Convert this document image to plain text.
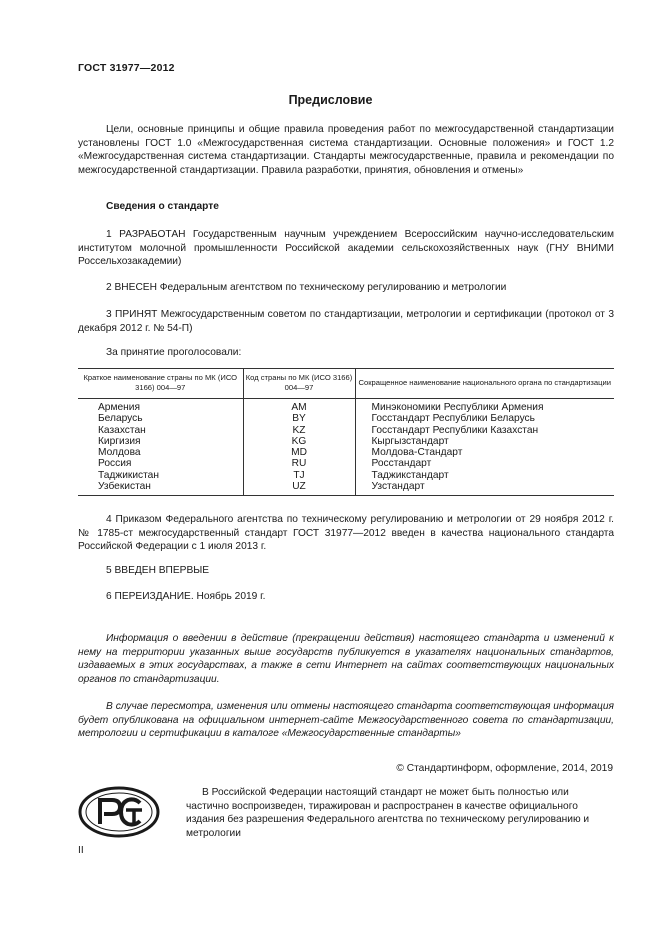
ГОСТ 31977—2012
Предисловие
Цели, основные принципы и общие правила проведения работ по межгосударственной стандартизации установлены ГОСТ 1.0 «Межгосударственная система стандартизации. Основные положения» и ГОСТ 1.2 «Межгосударственная система стандартизации. Стандарты межгосударственные, правила и рекомендации по межгосударственной стандартизации. Правила разработки, принятия, обновления и отмены»
Сведения о стандарте
1 РАЗРАБОТАН Государственным научным учреждением Всероссийским научно-исследовательским институтом молочной промышленности Российской академии сельскохозяйственных наук (ГНУ ВНИМИ Россельхозакадемии)
2 ВНЕСЕН Федеральным агентством по техническому регулированию и метрологии
3 ПРИНЯТ Межгосударственным советом по стандартизации, метрологии и сертификации (протокол от 3 декабря 2012 г. № 54-П)
За принятие проголосовали:
Краткое наименование страны по МК (ИСО 3166) 004—97	Код страны по МК (ИСО 3166) 004—97	Сокращенное наименование национального органа по стандартизации
Армения	AM	Минэкономики Республики Армения
Беларусь	BY	Госстандарт Республики Беларусь
Казахстан	KZ	Госстандарт Республики Казахстан
Киргизия	KG	Кыргызстандарт
Молдова	MD	Молдова-Стандарт
Россия	RU	Росстандарт
Таджикистан	TJ	Таджикстандарт
Узбекистан	UZ	Узстандарт
4 Приказом Федерального агентства по техническому регулированию и метрологии от 29 ноября 2012 г. № 1785-ст межгосударственный стандарт ГОСТ 31977—2012 введен в качества национального стандарта Российской Федерации с 1 июля 2013 г.
5 ВВЕДЕН ВПЕРВЫЕ
6 ПЕРЕИЗДАНИЕ. Ноябрь 2019 г.
Информация о введении в действие (прекращении действия) настоящего стандарта и изменений к нему на территории указанных выше государств публикуется в указателях национальных стандартов, издаваемых в этих государствах, а также в сети Интернет на сайтах соответствующих национальных органов по стандартизации.
В случае пересмотра, изменения или отмены настоящего стандарта соответствующая информация будет опубликована на официальном интернет-сайте Межгосударственного совета по стандартизации, метрологии и сертификации в каталоге «Межгосударственные стандарты»
© Стандартинформ, оформление, 2014, 2019
В Российской Федерации настоящий стандарт не может быть полностью или частично воспроизведен, тиражирован и распространен в качестве официального издания без разрешения Федерального агентства по техническому регулированию и метрологии
II
